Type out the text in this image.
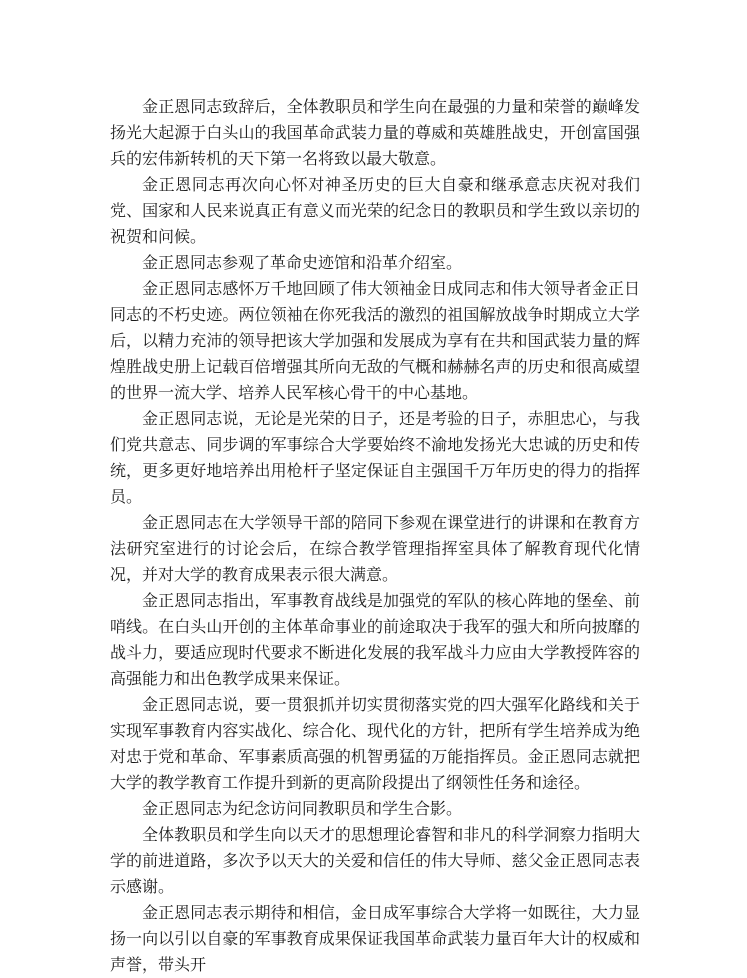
金正恩同志致辞后，全体教职员和学生向在最强的力量和荣誉的巅峰发扬光大起源于白头山的我国革命武装力量的尊威和英雄胜战史，开创富国强兵的宏伟新转机的天下第一名将致以最大敬意。

金正恩同志再次向心怀对神圣历史的巨大自豪和继承意志庆祝对我们党、国家和人民来说真正有意义而光荣的纪念日的教职员和学生致以亲切的祝贺和问候。

金正恩同志参观了革命史迹馆和沿革介绍室。

金正恩同志感怀万千地回顾了伟大领袖金日成同志和伟大领导者金正日同志的不朽史迹。两位领袖在你死我活的激烈的祖国解放战争时期成立大学后，以精力充沛的领导把该大学加强和发展成为享有在共和国武装力量的辉煌胜战史册上记载百倍增强其所向无敌的气概和赫赫名声的历史和很高威望的世界一流大学、培养人民军核心骨干的中心基地。

金正恩同志说，无论是光荣的日子，还是考验的日子，赤胆忠心，与我们党共意志、同步调的军事综合大学要始终不渝地发扬光大忠诚的历史和传统，更多更好地培养出用枪杆子坚定保证自主强国千万年历史的得力的指挥员。

金正恩同志在大学领导干部的陪同下参观在课堂进行的讲课和在教育方法研究室进行的讨论会后，在综合教学管理指挥室具体了解教育现代化情况，并对大学的教育成果表示很大满意。

金正恩同志指出，军事教育战线是加强党的军队的核心阵地的堡垒、前哨线。在白头山开创的主体革命事业的前途取决于我军的强大和所向披靡的战斗力，要适应现时代要求不断进化发展的我军战斗力应由大学教授阵容的高强能力和出色教学成果来保证。

金正恩同志说，要一贯狠抓并切实贯彻落实党的四大强军化路线和关于实现军事教育内容实战化、综合化、现代化的方针，把所有学生培养成为绝对忠于党和革命、军事素质高强的机智勇猛的万能指挥员。金正恩同志就把大学的教学教育工作提升到新的更高阶段提出了纲领性任务和途径。

金正恩同志为纪念访问同教职员和学生合影。

全体教职员和学生向以天才的思想理论睿智和非凡的科学洞察力指明大学的前进道路，多次予以天大的关爱和信任的伟大导师、慈父金正恩同志表示感谢。

金正恩同志表示期待和相信，金日成军事综合大学将一如既往，大力显扬一向以引以自豪的军事教育成果保证我国革命武装力量百年大计的权威和声誉，带头开
